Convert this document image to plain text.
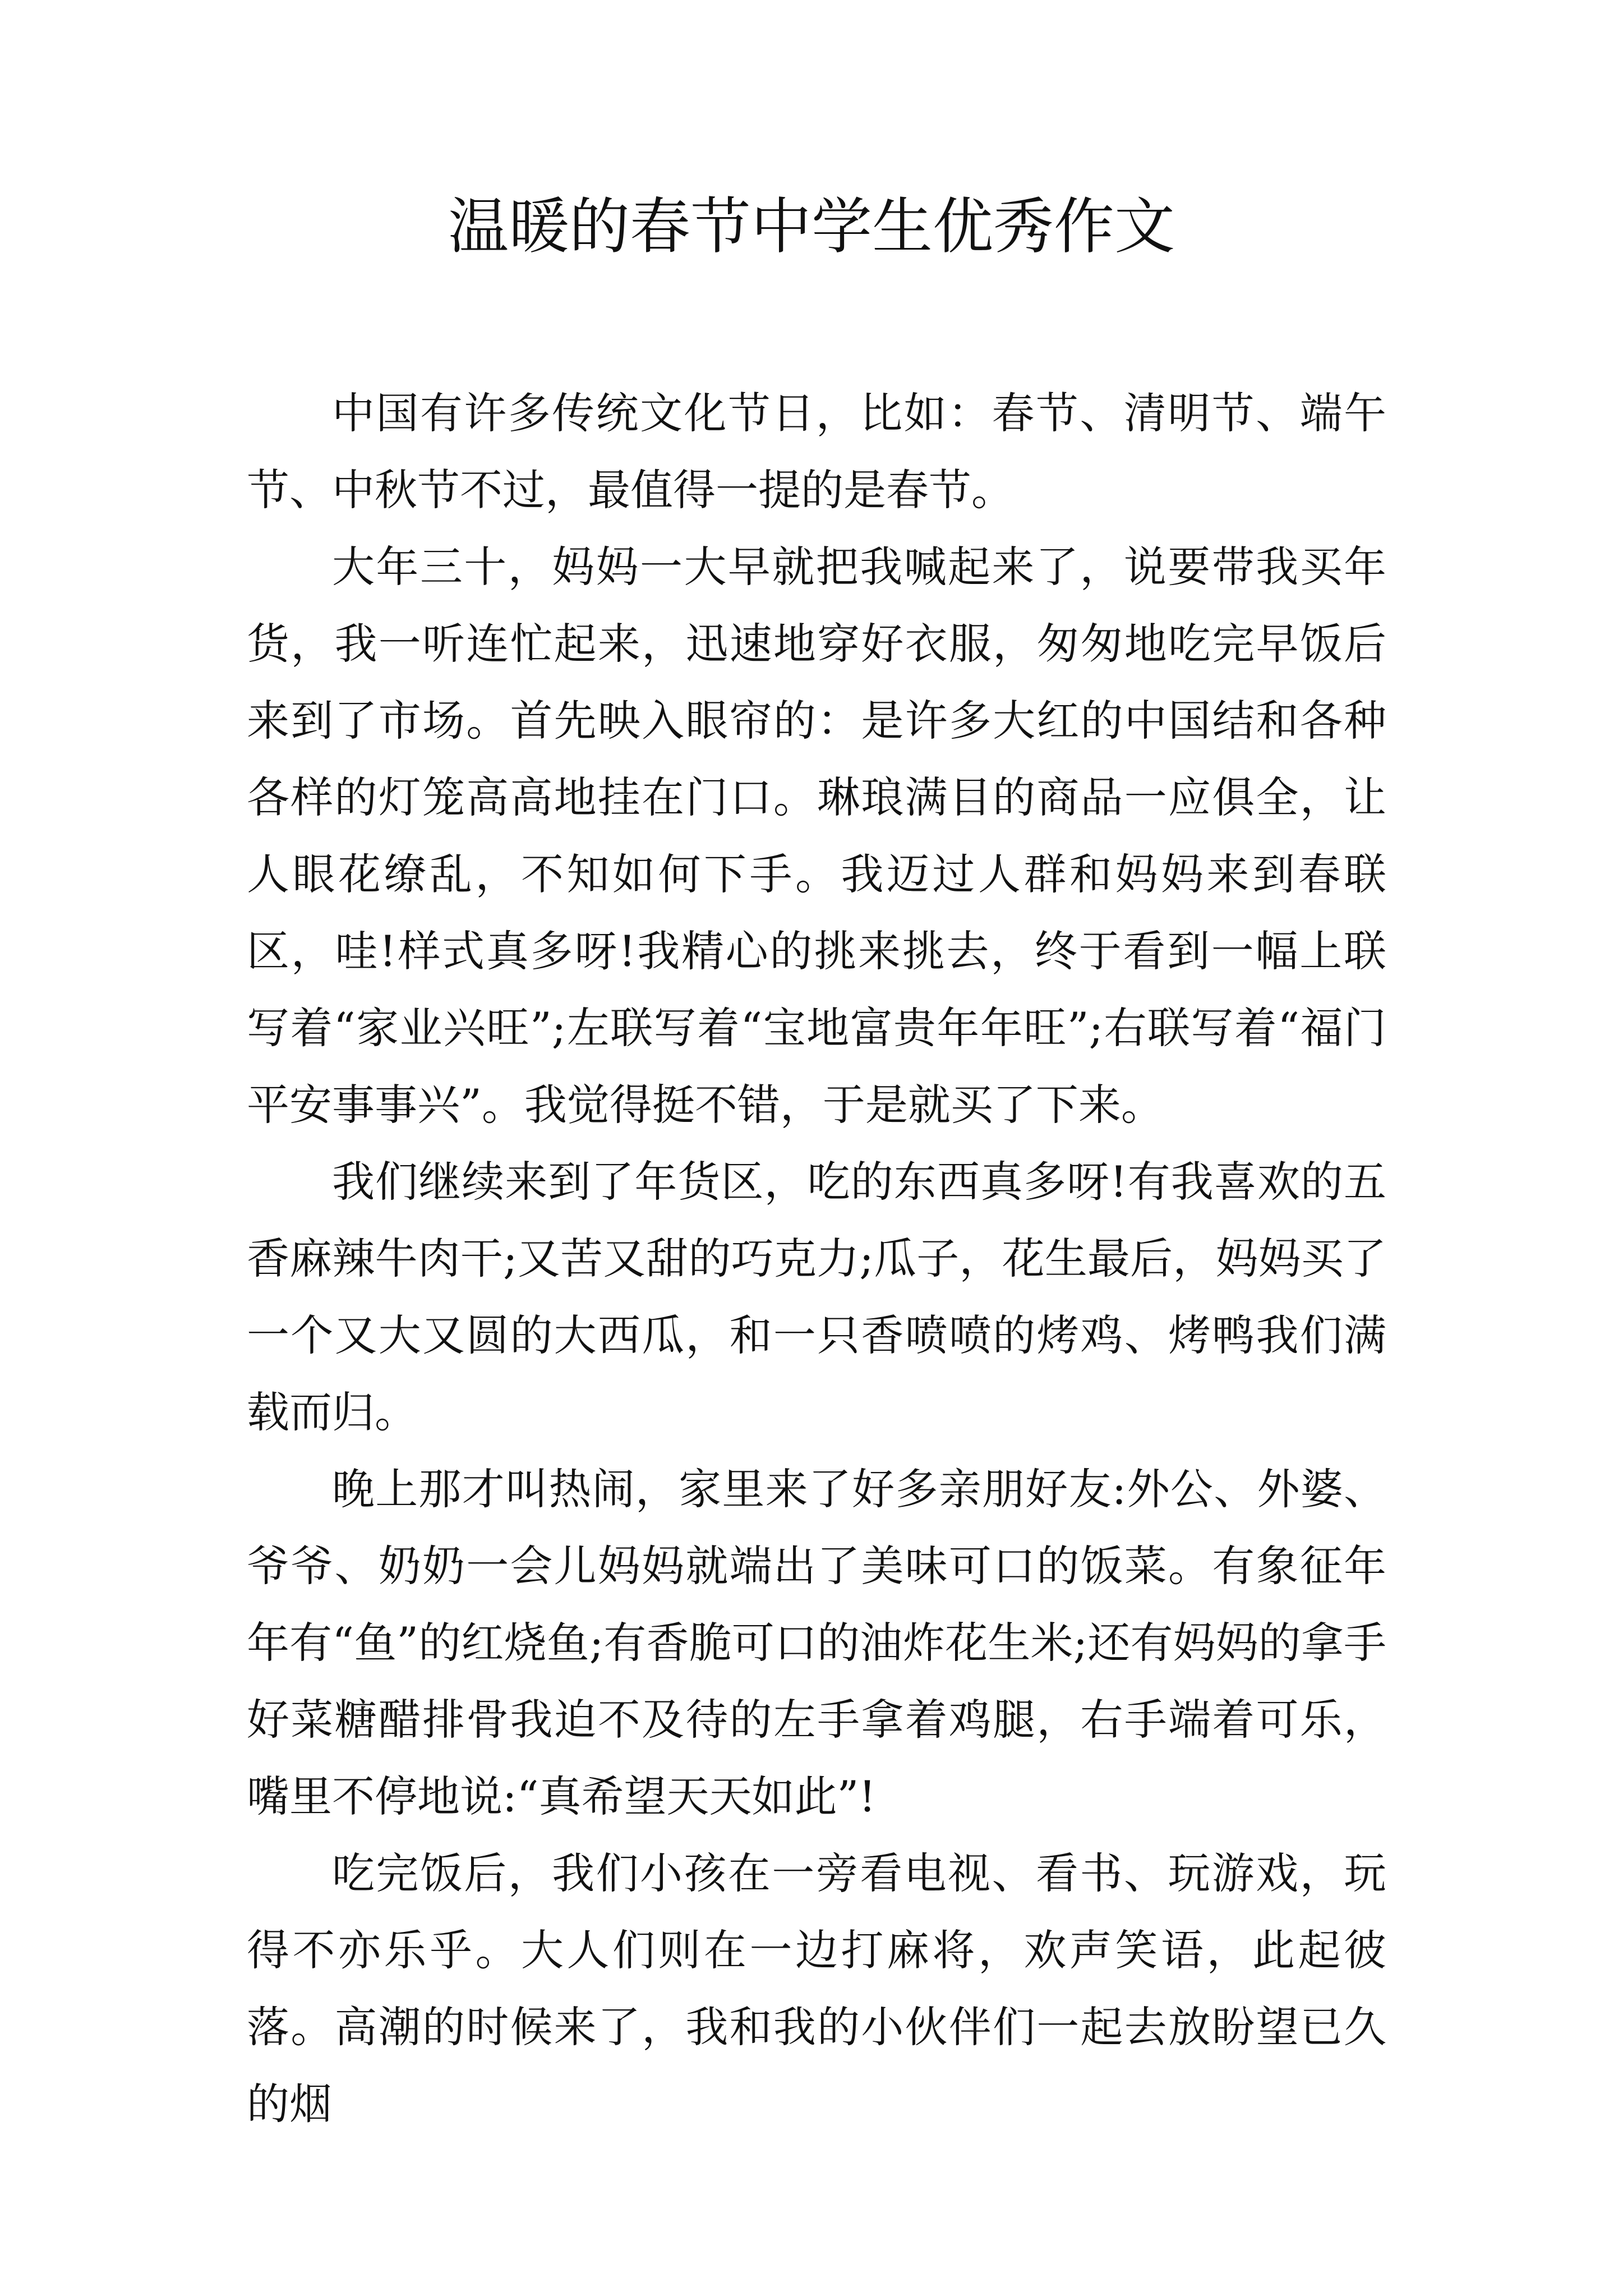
温暖的春节中学生优秀作文

中国有许多传统文化节日，比如：春节、清明节、端午节、中秋节不过，最值得一提的是春节。

大年三十，妈妈一大早就把我喊起来了，说要带我买年货，我一听连忙起来，迅速地穿好衣服，匆匆地吃完早饭后来到了市场。首先映入眼帘的：是许多大红的中国结和各种各样的灯笼高高地挂在门口。琳琅满目的商品一应俱全，让人眼花缭乱，不知如何下手。我迈过人群和妈妈来到春联区，哇!样式真多呀!我精心的挑来挑去，终于看到一幅上联写着“家业兴旺”;左联写着“宝地富贵年年旺”;右联写着“福门平安事事兴”。我觉得挺不错，于是就买了下来。

我们继续来到了年货区，吃的东西真多呀!有我喜欢的五香麻辣牛肉干;又苦又甜的巧克力;瓜子，花生最后，妈妈买了一个又大又圆的大西瓜，和一只香喷喷的烤鸡、烤鸭我们满载而归。

晚上那才叫热闹，家里来了好多亲朋好友:外公、外婆、爷爷、奶奶一会儿妈妈就端出了美味可口的饭菜。有象征年年有“鱼”的红烧鱼;有香脆可口的油炸花生米;还有妈妈的拿手好菜糖醋排骨我迫不及待的左手拿着鸡腿，右手端着可乐，嘴里不停地说:“真希望天天如此”!

吃完饭后，我们小孩在一旁看电视、看书、玩游戏，玩得不亦乐乎。大人们则在一边打麻将，欢声笑语，此起彼落。高潮的时候来了，我和我的小伙伴们一起去放盼望已久的烟
